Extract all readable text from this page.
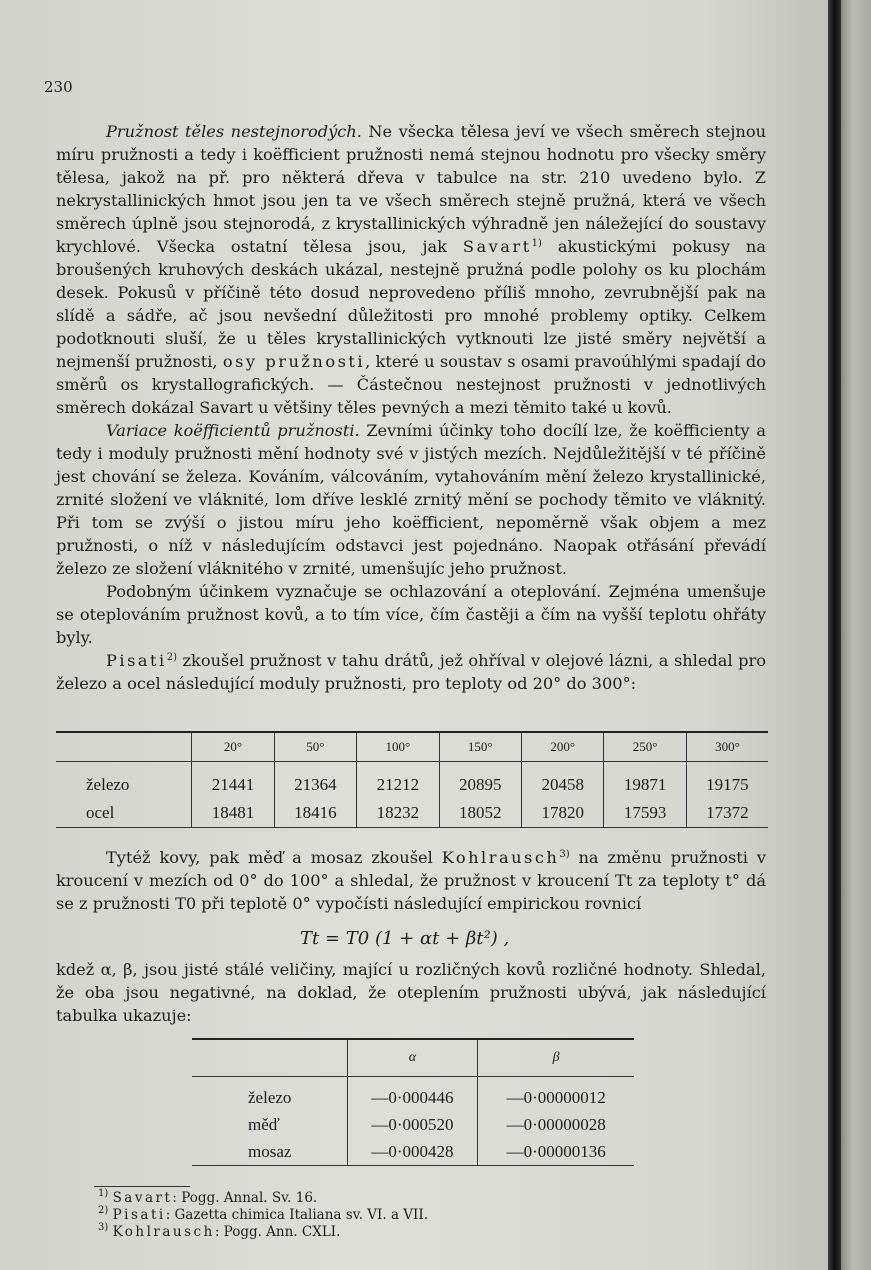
230

Pružnost těles nestejnorodých. Ne všecka tělesa jeví ve všech směrech stejnou míru pružnosti a tedy i koëfficient pružnosti nemá stejnou hodnotu pro všecky směry tělesa, jakož na př. pro některá dřeva v tabulce na str. 210 uvedeno bylo. Z nekrystallinických hmot jsou jen ta ve všech směrech stejně pružná, která ve všech směrech úplně jsou stejnorodá, z krystallinických výhradně jen náležející do soustavy krychlové. Všecka ostatní tělesa jsou, jak Savart$^{1)}$ akustickými pokusy na broušených kruhových deskách ukázal, nestejně pružná podle polohy os ku plochám desek. Pokusů v příčině této dosud neprovedeno příliš mnoho, zevrubnější pak na slídě a sádře, ač jsou nevšední důležitosti pro mnohé problemy optiky. Celkem podotknouti sluší, že u těles krystallinických vytknouti lze jisté směry největší a nejmenší pružnosti, osy pružnosti, které u soustav s osami pravoúhlými spadají do směrů os krystallografických. — Částečnou nestejnost pružnosti v jednotlivých směrech dokázal Savart u většiny těles pevných a mezi těmito také u kovů.

Variace koëfficientů pružnosti. Zevními účinky toho docílí lze, že koëfficienty a tedy i moduly pružnosti mění hodnoty své v jistých mezích. Nejdůležitější v té příčině jest chování se železa. Kováním, válcováním, vytahováním mění železo krystallinické, zrnité složení ve vláknité, lom dříve lesklé zrnitý mění se pochody těmito ve vláknitý. Při tom se zvýší o jistou míru jeho koëfficient, nepoměrně však objem a mez pružnosti, o níž v následujícím odstavci jest pojednáno. Naopak otřásání převádí železo ze složení vláknitého v zrnité, umenšujíc jeho pružnost.

Podobným účinkem vyznačuje se ochlazování a oteplování. Zejména umenšuje se oteplováním pružnost kovů, a to tím více, čím častěji a čím na vyšší teplotu ohřáty byly.

Pisati$^{2)}$ zkoušel pružnost v tahu drátů, jež ohříval v olejové lázni, a shledal pro železo a ocel následující moduly pružnosti, pro teploty od 20° do 300°:

	20°	50°	100°	150°	200°	250°	300°
železo	21441	21364	21212	20895	20458	19871	19175
ocel	18481	18416	18232	18052	17820	17593	17372
Tytéž kovy, pak měď a mosaz zkoušel Kohlrausch$^{3)}$ na změnu pružnosti v kroucení v mezích od 0° do 100° a shledal, že pružnost v kroucení Tt za teploty t° dá se z pružnosti T0 při teplotě 0° vypočísti následující empirickou rovnicí
Tt = T0 (1 + αt + βt²) ,
kdež α, β, jsou jisté stálé veličiny, mající u rozličných kovů rozličné hodnoty. Shledal, že oba jsou negativné, na doklad, že oteplením pružnosti ubývá, jak následující tabulka ukazuje:
	α	β
železo	—0·000446	—0·00000012
měď	—0·000520	—0·00000028
mosaz	—0·000428	—0·00000136
$^{1)}$ Savart: Pogg. Annal. Sv. 16.
$^{2)}$ Pisati: Gazetta chimica Italiana sv. VI. a VII.
$^{3)}$ Kohlrausch: Pogg. Ann. CXLI.
